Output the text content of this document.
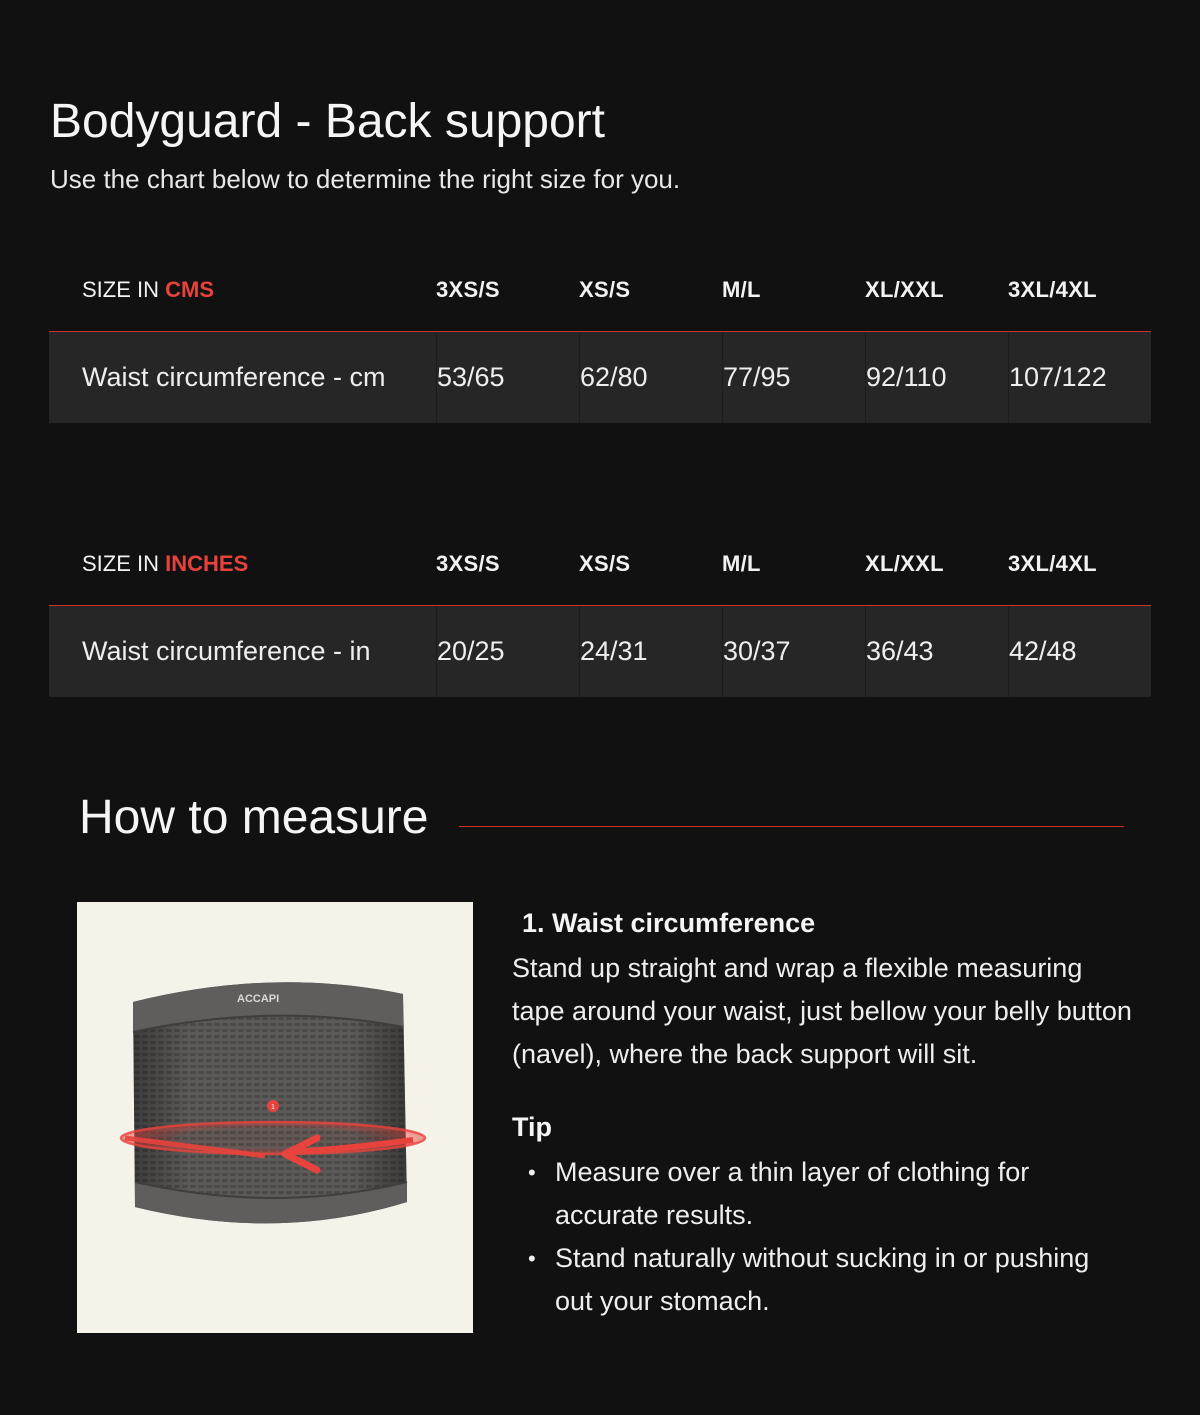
Bodyguard - Back support

Use the chart below to determine the right size for you.

SIZE IN CMS	3XS/S	XS/S	M/L	XL/XXL	3XL/4XL
Waist circumference - cm 53/65	62/80	77/95	92/110 107/122
SIZE IN INCHES	3XS/S	XS/S	M/L	XL/XXL	3XL/4XL
Waist circumference - in 20/25	24/31	30/37	36/43	42/48
How to measure
ACCAPI
1
1. Waist circumference

Stand up straight and wrap a flexible measuring tape around your waist, just bellow your belly button (navel), where the back support will sit.

Tip
• Measure over a thin layer of clothing for accurate results.
• Stand naturally without sucking in or pushing out your stomach.
